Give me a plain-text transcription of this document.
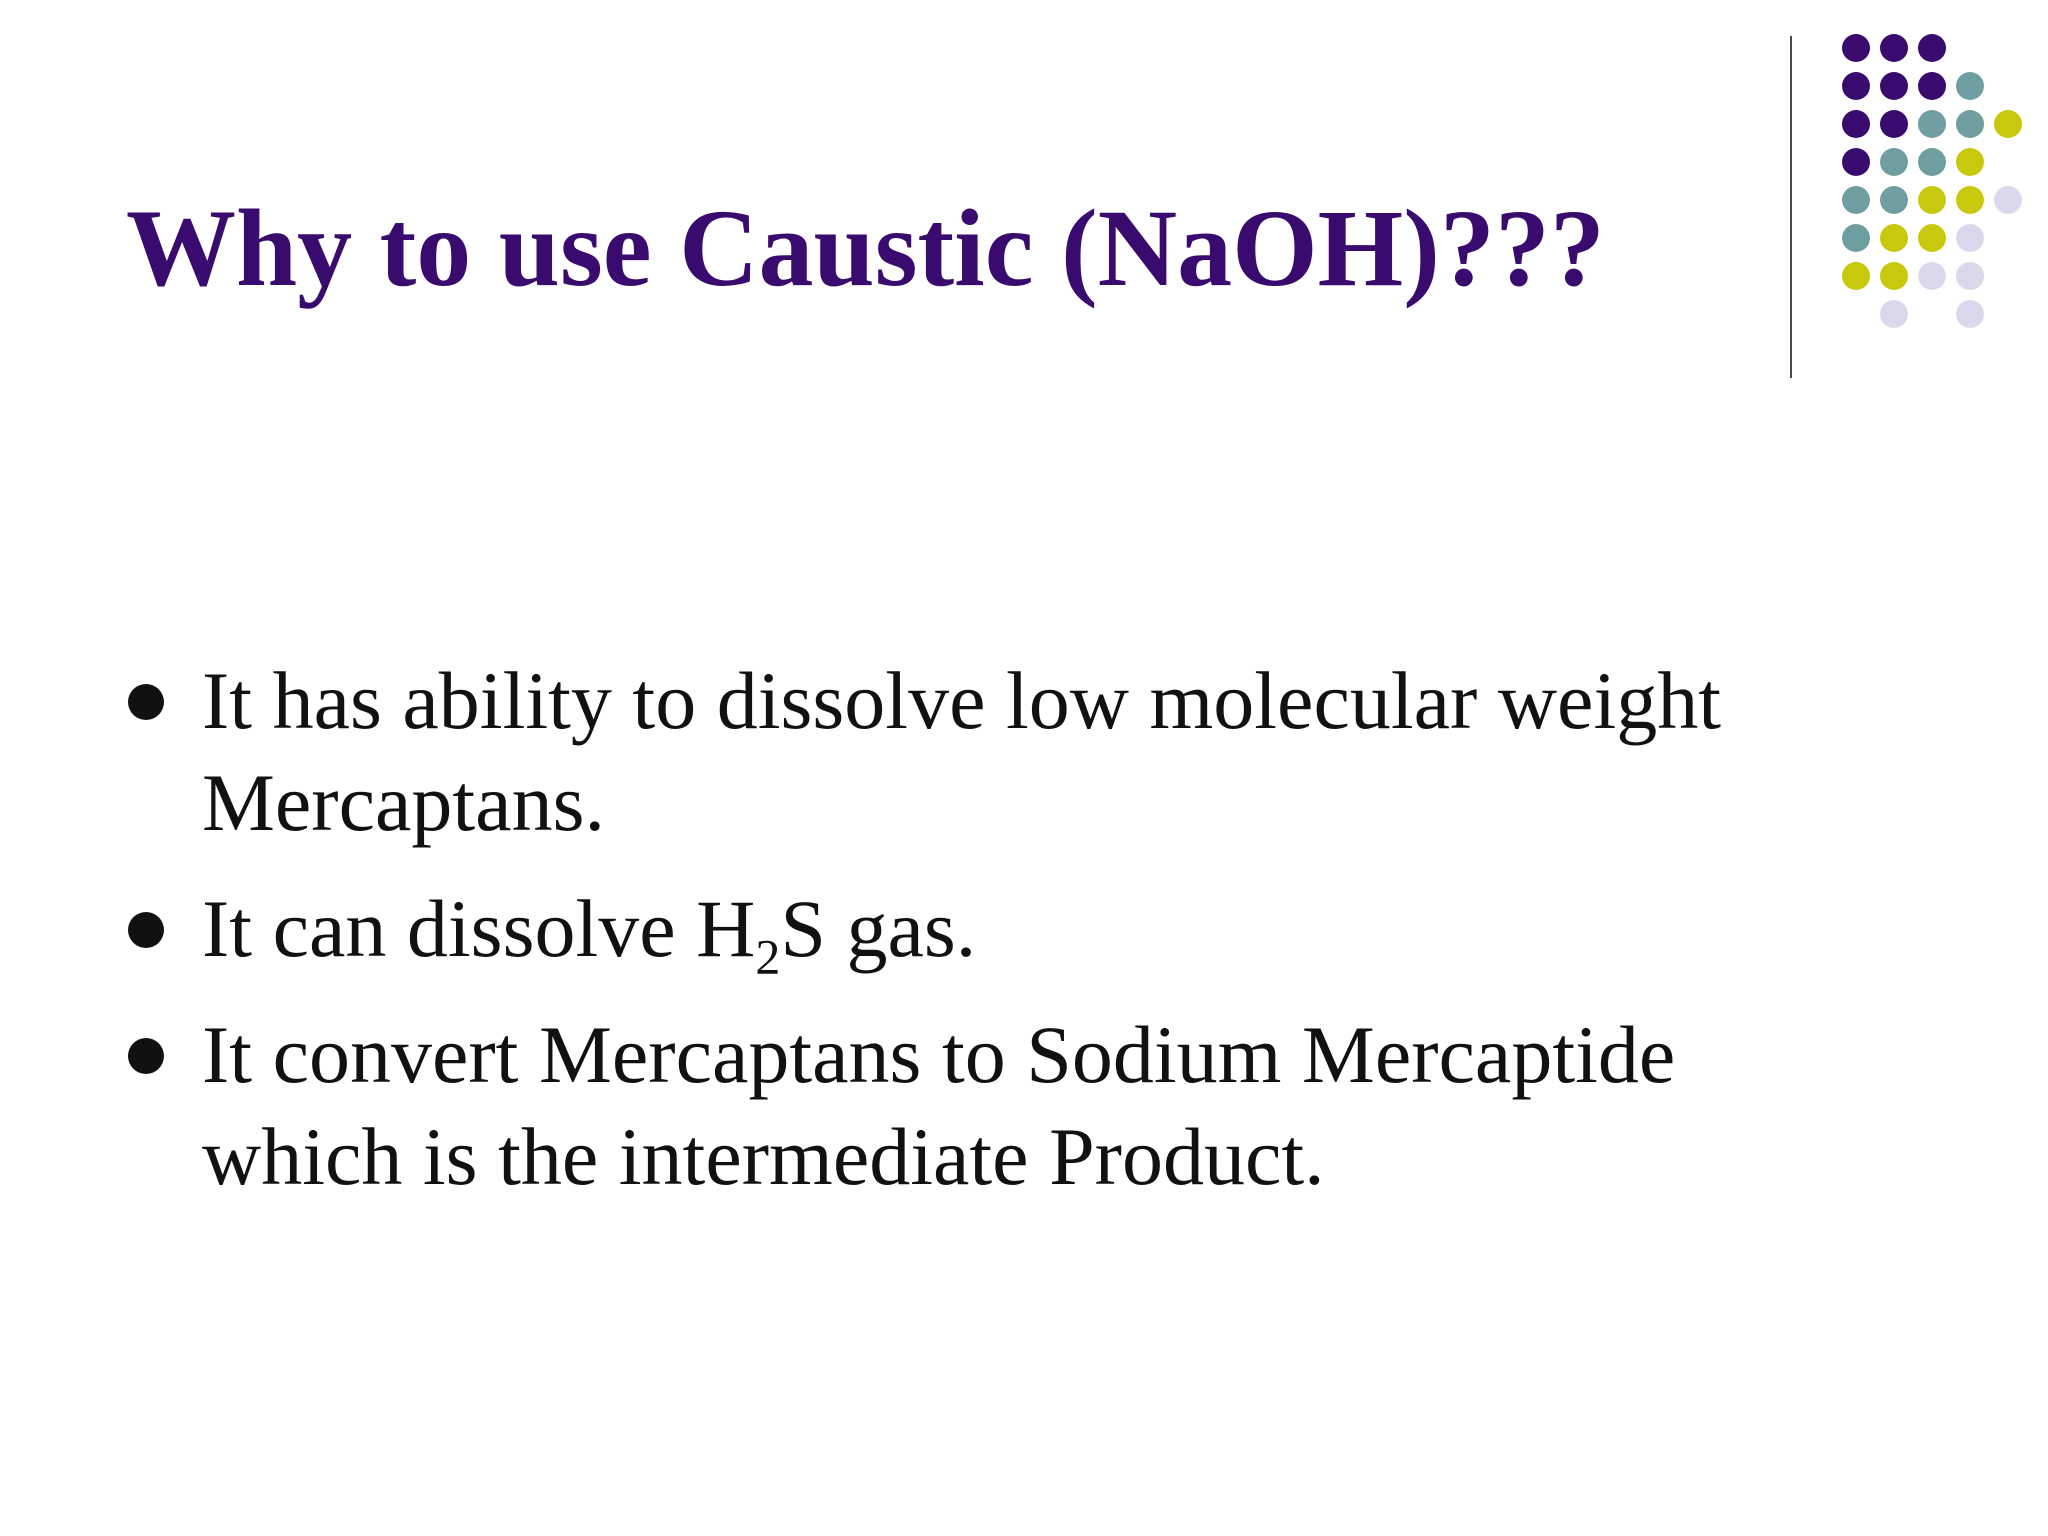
Why to use Caustic (NaOH)???
It has ability to dissolve low molecular weight Mercaptans.
It can dissolve $H_2S$ gas.
It convert Mercaptans to Sodium Mercaptide which is the intermediate Product.
